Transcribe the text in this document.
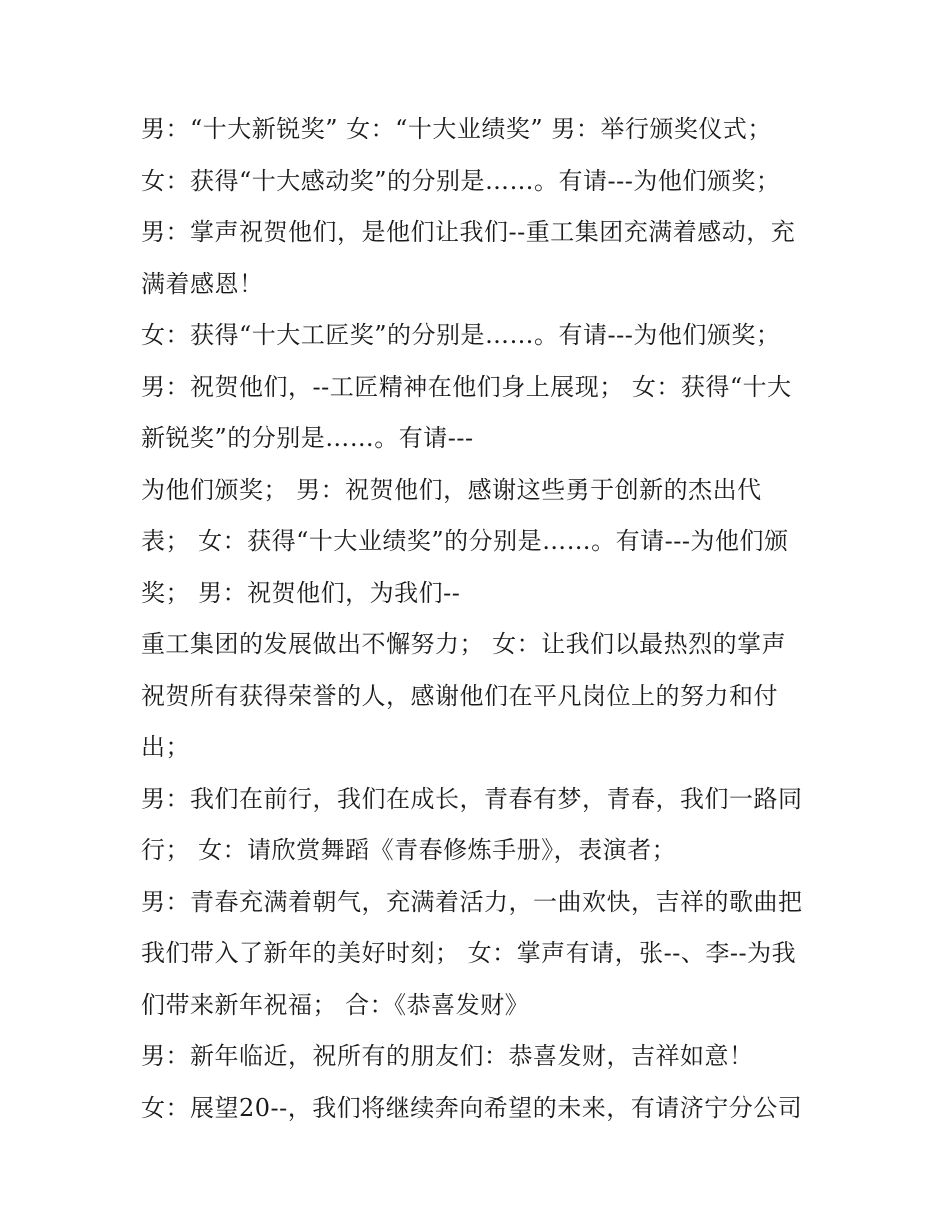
男：“十大新锐奖” 女：“十大业绩奖” 男：举行颁奖仪式；
女：获得“十大感动奖”的分别是……。有请---为他们颁奖；
男：掌声祝贺他们，是他们让我们--重工集团充满着感动，充
满着感恩！
女：获得“十大工匠奖”的分别是……。有请---为他们颁奖；
男：祝贺他们，--工匠精神在他们身上展现； 女：获得“十大
新锐奖”的分别是……。有请---
为他们颁奖； 男：祝贺他们，感谢这些勇于创新的杰出代
表； 女：获得“十大业绩奖”的分别是……。有请---为他们颁
奖； 男：祝贺他们，为我们--
重工集团的发展做出不懈努力； 女：让我们以最热烈的掌声
祝贺所有获得荣誉的人，感谢他们在平凡岗位上的努力和付
出；
男：我们在前行，我们在成长，青春有梦，青春，我们一路同
行； 女：请欣赏舞蹈《青春修炼手册》，表演者；
男：青春充满着朝气，充满着活力，一曲欢快，吉祥的歌曲把
我们带入了新年的美好时刻； 女：掌声有请，张--、李--为我
们带来新年祝福； 合：《恭喜发财》
男：新年临近，祝所有的朋友们：恭喜发财，吉祥如意！
女：展望20--，我们将继续奔向希望的未来，有请济宁分公司
